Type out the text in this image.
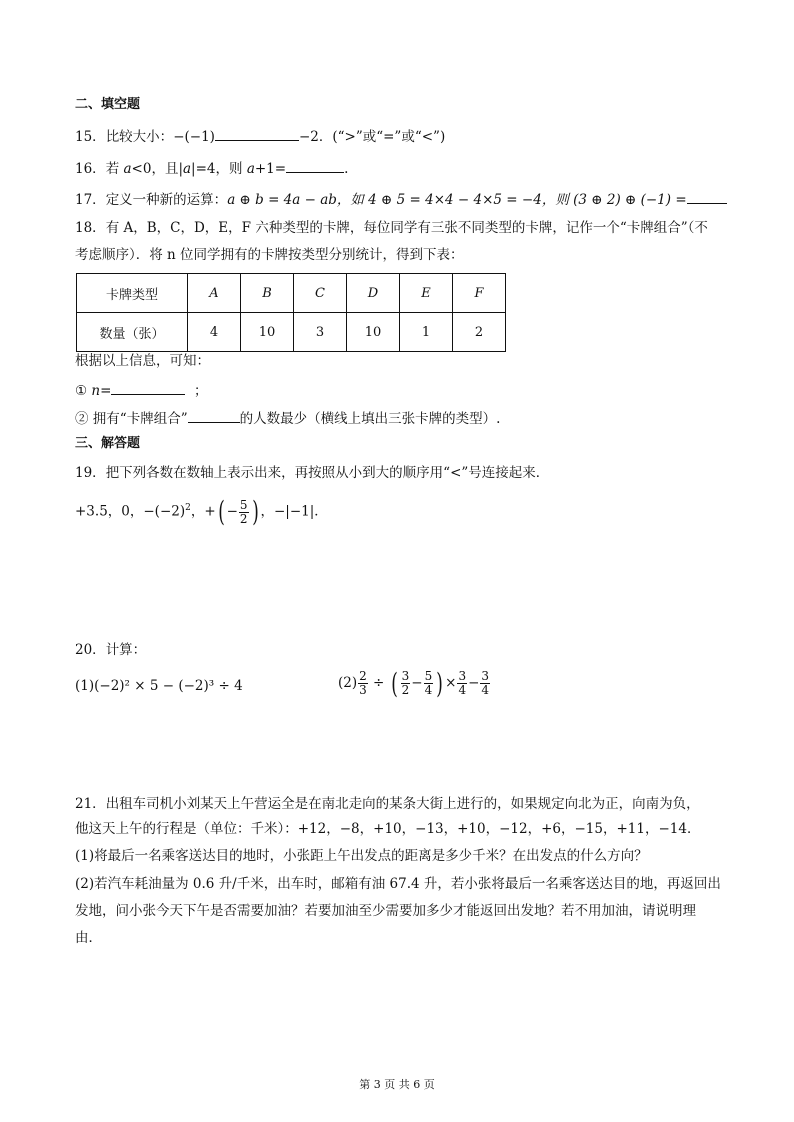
二、填空题
15．比较大小：−(−1)	−2．(“>”或“=”或“<”)
16．若 a<0，且|a|=4，则 a+1=	.
17．定义一种新的运算：a ⊕ b = 4a − ab，如 4 ⊕ 5 = 4×4 − 4×5 = −4，则 (3 ⊕ 2) ⊕ (−1) =
18．有 A，B，C，D，E，F 六种类型的卡牌，每位同学有三张不同类型的卡牌，记作一个“卡牌组合”（不
考虑顺序）．将 n 位同学拥有的卡牌按类型分别统计，得到下表：
卡牌类型	A	B	C	D	E	F
数量（张）	4	10	3	10	1	2
根据以上信息，可知：
① n=	；
② 拥有“卡牌组合”	的人数最少（横线上填出三张卡牌的类型）.
三、解答题
19．把下列各数在数轴上表示出来，再按照从小到大的顺序用“<”号连接起来．
+3.5，0，$-(-2)^2$，+( − $\frac{5}{2}$ ) ，−|−1|．
20．计算：
(1)(−2)² × 5 − (−2)³ ÷ 4	$(2) \frac{2}{3}$ ÷ ( $\frac{3}{2} - \frac{5}{4}$ ) × $\frac{3}{4} - \frac{3}{4}$
21．出租车司机小刘某天上午营运全是在南北走向的某条大街上进行的，如果规定向北为正，向南为负，
他这天上午的行程是（单位：千米）：+12，−8，+10，−13，+10，−12，+6，−15，+11，−14．
(1)将最后一名乘客送达目的地时，小张距上午出发点的距离是多少千米？在出发点的什么方向？
(2)若汽车耗油量为 0.6 升/千米，出车时，邮箱有油 67.4 升，若小张将最后一名乘客送达目的地，再返回出
发地，问小张今天下午是否需要加油？若要加油至少需要加多少才能返回出发地？若不用加油，请说明理
由．
第 3 页 共 6 页
